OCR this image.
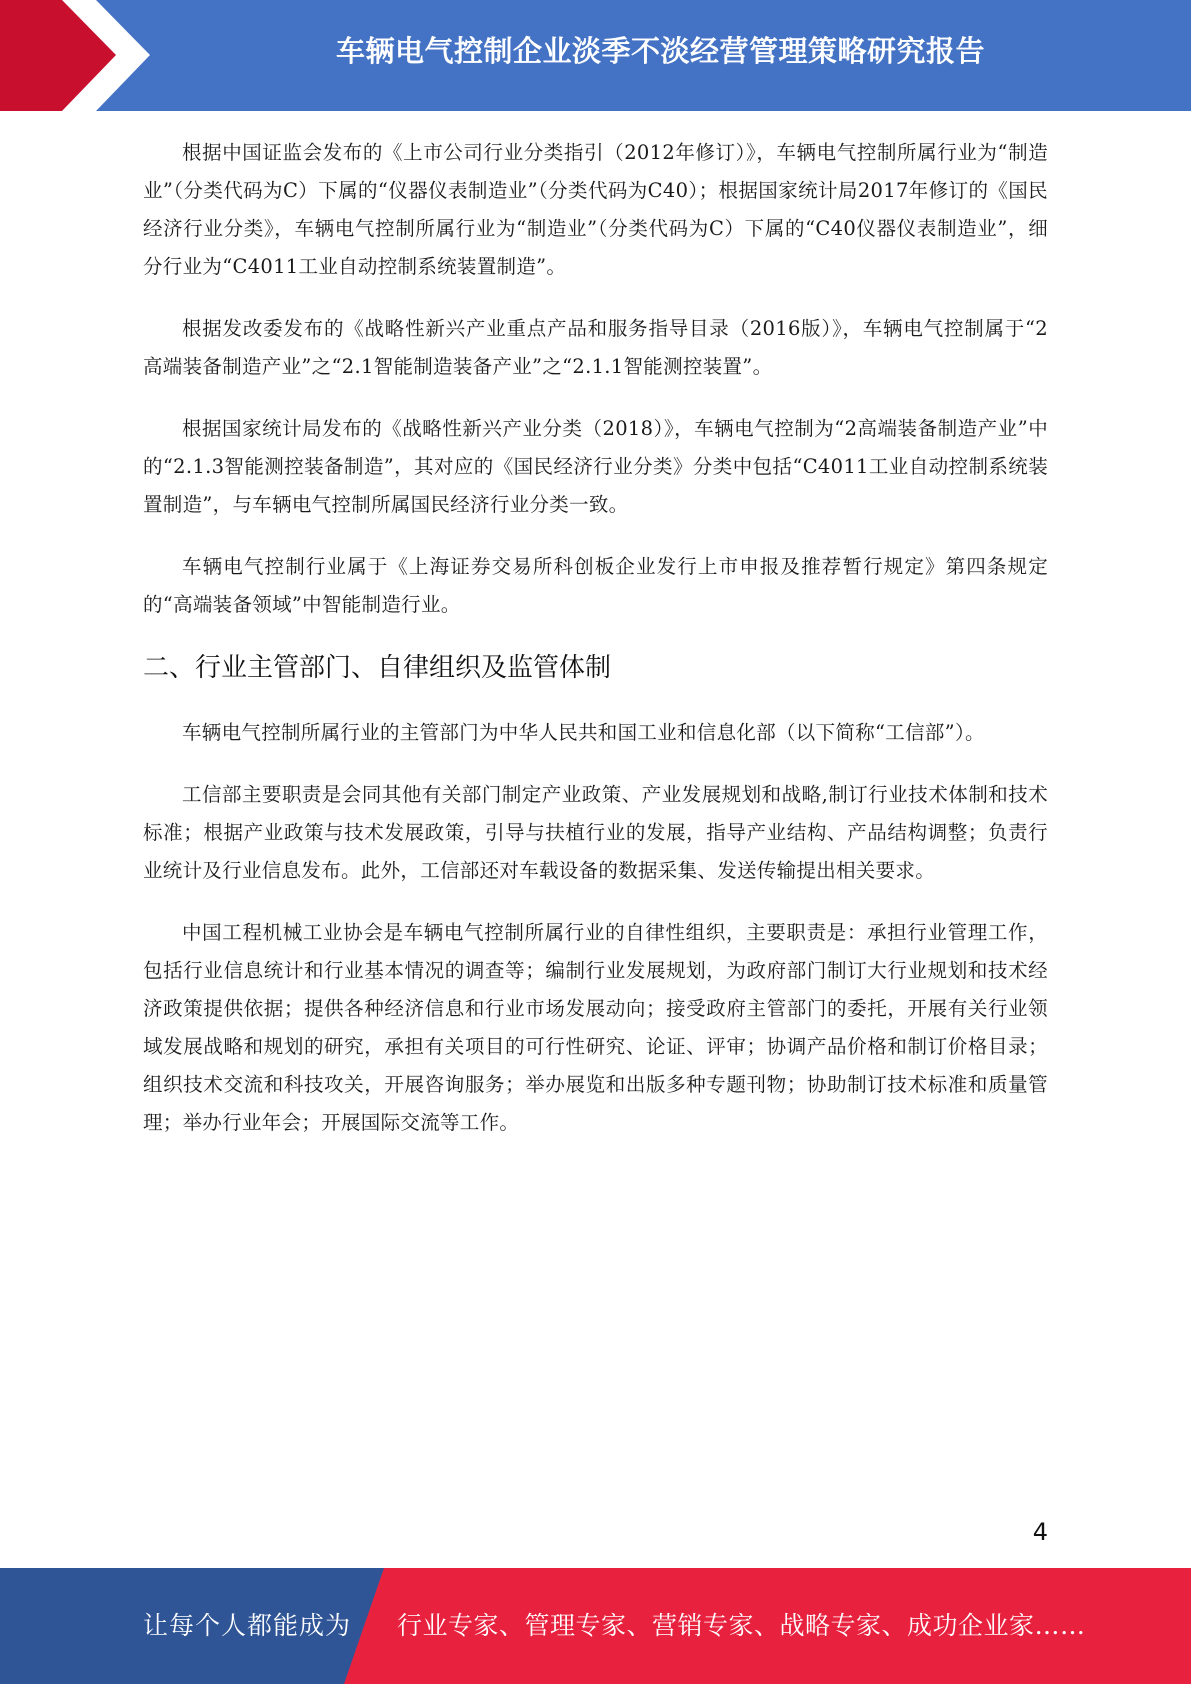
车辆电气控制企业淡季不淡经营管理策略研究报告

根据中国证监会发布的《上市公司行业分类指引（2012年修订）》，车辆电气控制所属行业为“制造业”（分类代码为C）下属的“仪器仪表制造业”（分类代码为C40）；根据国家统计局2017年修订的《国民经济行业分类》，车辆电气控制所属行业为“制造业”（分类代码为C）下属的“C40仪器仪表制造业”，细分行业为“C4011工业自动控制系统装置制造”。

根据发改委发布的《战略性新兴产业重点产品和服务指导目录（2016版）》，车辆电气控制属于“2高端装备制造产业”之“2.1智能制造装备产业”之“2.1.1智能测控装置”。

根据国家统计局发布的《战略性新兴产业分类（2018）》，车辆电气控制为“2高端装备制造产业”中的“2.1.3智能测控装备制造”，其对应的《国民经济行业分类》分类中包括“C4011工业自动控制系统装置制造”，与车辆电气控制所属国民经济行业分类一致。

车辆电气控制行业属于《上海证券交易所科创板企业发行上市申报及推荐暂行规定》第四条规定的“高端装备领域”中智能制造行业。

二、行业主管部门、自律组织及监管体制

车辆电气控制所属行业的主管部门为中华人民共和国工业和信息化部（以下简称“工信部”）。

工信部主要职责是会同其他有关部门制定产业政策、产业发展规划和战略,制订行业技术体制和技术标准；根据产业政策与技术发展政策，引导与扶植行业的发展，指导产业结构、产品结构调整；负责行业统计及行业信息发布。此外，工信部还对车载设备的数据采集、发送传输提出相关要求。

中国工程机械工业协会是车辆电气控制所属行业的自律性组织，主要职责是：承担行业管理工作，包括行业信息统计和行业基本情况的调查等；编制行业发展规划，为政府部门制订大行业规划和技术经济政策提供依据；提供各种经济信息和行业市场发展动向；接受政府主管部门的委托，开展有关行业领域发展战略和规划的研究，承担有关项目的可行性研究、论证、评审；协调产品价格和制订价格目录；组织技术交流和科技攻关，开展咨询服务；举办展览和出版多种专题刊物；协助制订技术标准和质量管理；举办行业年会；开展国际交流等工作。

4
让每个人都能成为 行业专家、管理专家、营销专家、战略专家、成功企业家……
